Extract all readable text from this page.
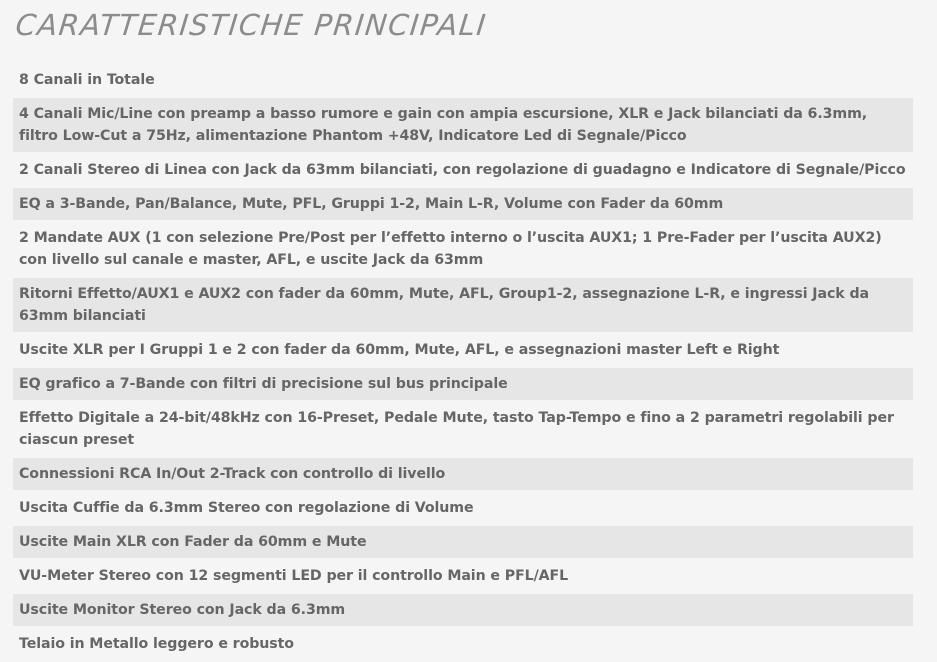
CARATTERISTICHE PRINCIPALI
8 Canali in Totale
4 Canali Mic/Line con preamp a basso rumore e gain con ampia escursione, XLR e Jack bilanciati da 6.3mm, filtro Low-Cut a 75Hz, alimentazione Phantom +48V, Indicatore Led di Segnale/Picco
2 Canali Stereo di Linea con Jack da 63mm bilanciati, con regolazione di guadagno e Indicatore di Segnale/Picco
EQ a 3-Bande, Pan/Balance, Mute, PFL, Gruppi 1-2, Main L-R, Volume con Fader da 60mm
2 Mandate AUX (1 con selezione Pre/Post per l’effetto interno o l’uscita AUX1; 1 Pre-Fader per l’uscita AUX2) con livello sul canale e master, AFL, e uscite Jack da 63mm
Ritorni Effetto/AUX1 e AUX2 con fader da 60mm, Mute, AFL, Group1-2, assegnazione L-R, e ingressi Jack da 63mm bilanciati
Uscite XLR per I Gruppi 1 e 2 con fader da 60mm, Mute, AFL, e assegnazioni master Left e Right
EQ grafico a 7-Bande con filtri di precisione sul bus principale
Effetto Digitale a 24-bit/48kHz con 16-Preset, Pedale Mute, tasto Tap-Tempo e fino a 2 parametri regolabili per ciascun preset
Connessioni RCA In/Out 2-Track con controllo di livello
Uscita Cuffie da 6.3mm Stereo con regolazione di Volume
Uscite Main XLR con Fader da 60mm e Mute
VU-Meter Stereo con 12 segmenti LED per il controllo Main e PFL/AFL
Uscite Monitor Stereo con Jack da 6.3mm
Telaio in Metallo leggero e robusto
